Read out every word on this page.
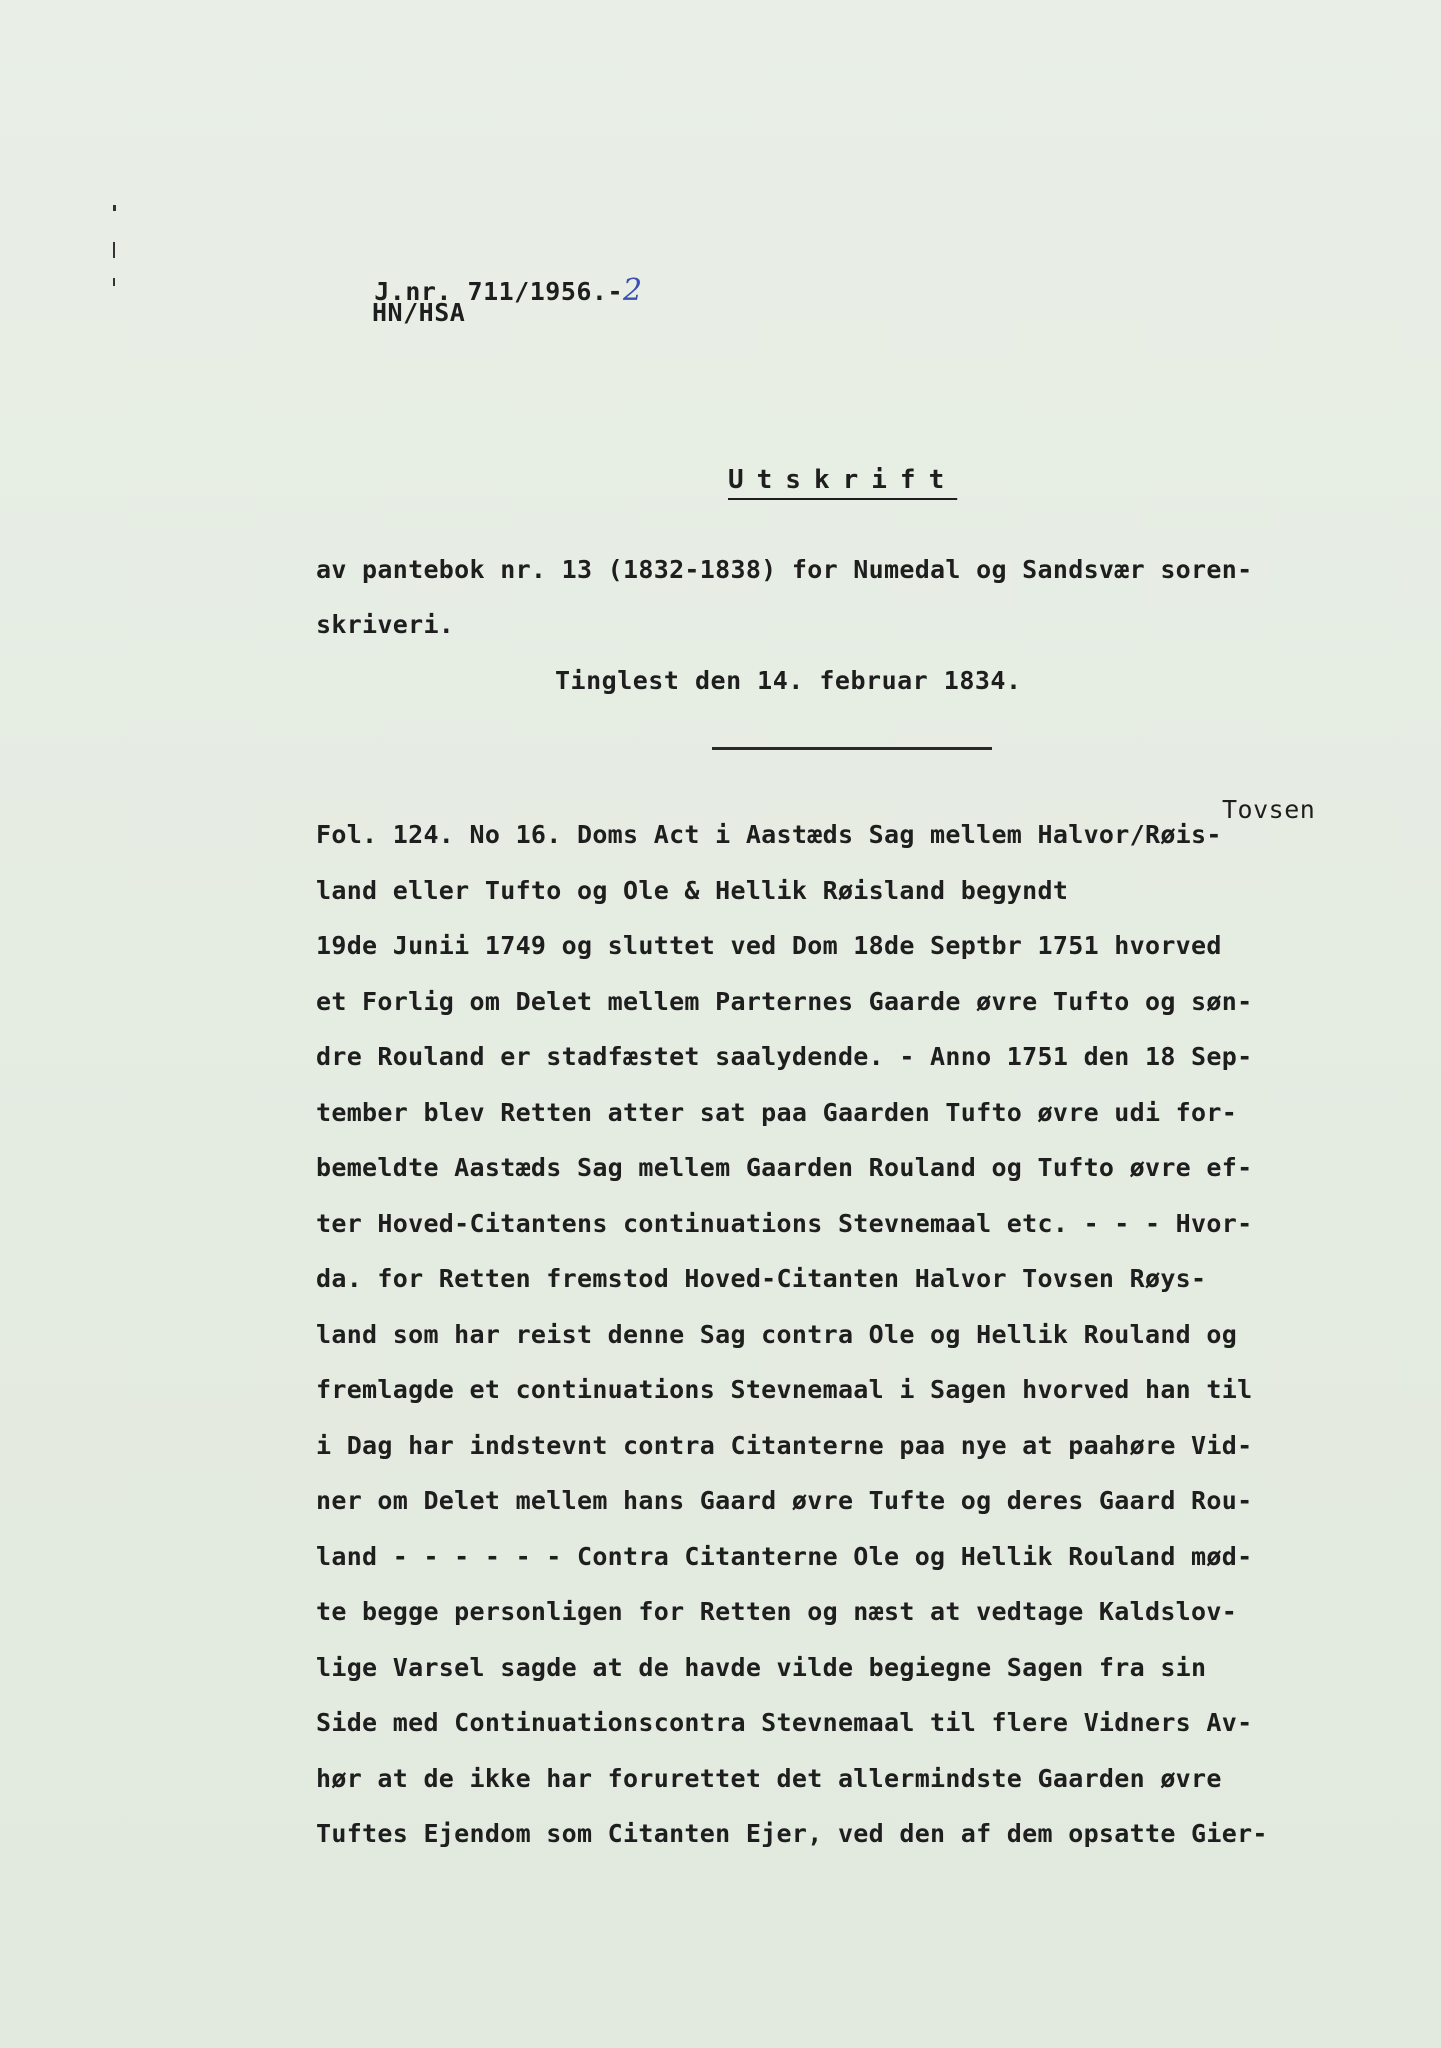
J.nr. 711/1956.-2

HN/HSA
Utskrift
av pantebok nr. 13 (1832-1838) for Numedal og Sandsvær soren-
skriveri.
Tinglest den 14. februar 1834.
Tovsen
Fol. 124. No 16. Doms Act i Aastæds Sag mellem Halvor/Røis-
land eller Tufto og Ole & Hellik Røisland begyndt
19de Junii 1749 og sluttet ved Dom 18de Septbr 1751 hvorved
et Forlig om Delet mellem Parternes Gaarde øvre Tufto og søn-
dre Rouland er stadfæstet saalydende. - Anno 1751 den 18 Sep-
tember blev Retten atter sat paa Gaarden Tufto øvre udi for-
bemeldte Aastæds Sag mellem Gaarden Rouland og Tufto øvre ef-
ter Hoved-Citantens continuations Stevnemaal etc. - - - Hvor-
da. for Retten fremstod Hoved-Citanten Halvor Tovsen Røys-
land som har reist denne Sag contra Ole og Hellik Rouland og
fremlagde et continuations Stevnemaal i Sagen hvorved han til
i Dag har indstevnt contra Citanterne paa nye at paahøre Vid-
ner om Delet mellem hans Gaard øvre Tufte og deres Gaard Rou-
land - - - - - - Contra Citanterne Ole og Hellik Rouland mød-
te begge personligen for Retten og næst at vedtage Kaldslov-
lige Varsel sagde at de havde vilde begiegne Sagen fra sin
Side med Continuationscontra Stevnemaal til flere Vidners Av-
hør at de ikke har forurettet det allermindste Gaarden øvre
Tuftes Ejendom som Citanten Ejer, ved den af dem opsatte Gier-
